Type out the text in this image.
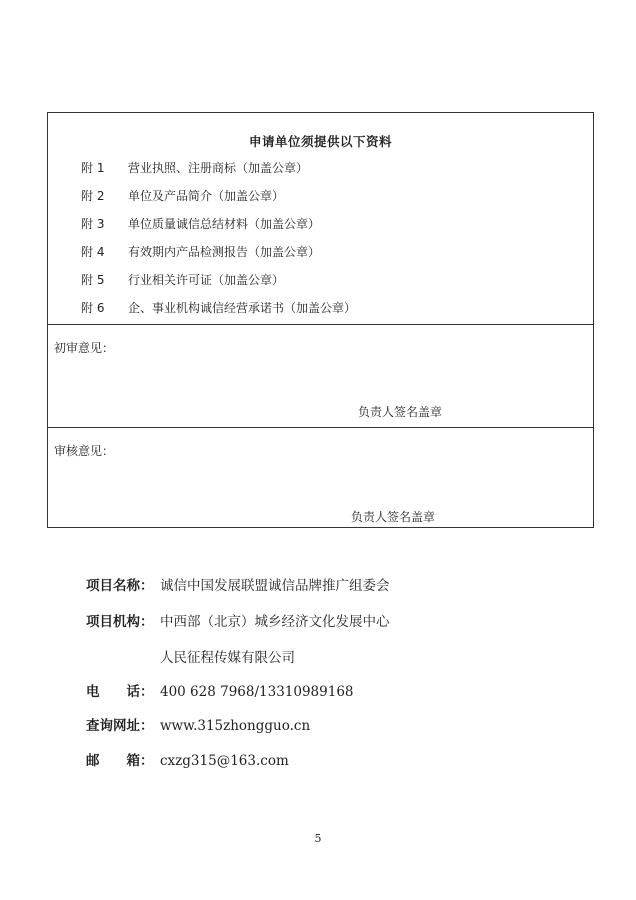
申请单位须提供以下资料
附 1 营业执照、注册商标（加盖公章）
附 2 单位及产品简介（加盖公章）
附 3 单位质量诚信总结材料（加盖公章）
附 4 有效期内产品检测报告（加盖公章）
附 5 行业相关许可证（加盖公章）
附 6 企、事业机构诚信经营承诺书（加盖公章）
初审意见：
负责人签名盖章
审核意见：
负责人签名盖章
项目名称： 诚信中国发展联盟诚信品牌推广组委会
项目机构： 中西部（北京）城乡经济文化发展中心
人民征程传媒有限公司
电　　话： 400 628 7968/13310989168
查询网址： www.315zhongguo.cn
邮　　箱： cxzg315@163.com
5
